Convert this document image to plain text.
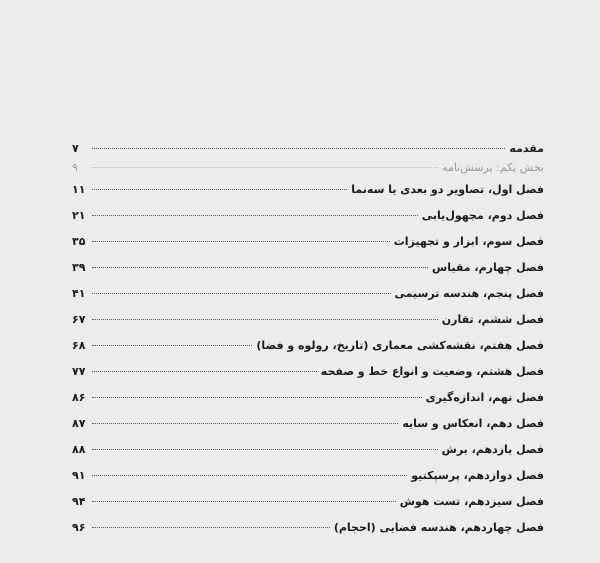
مقدمه
۷
بخش یکم: پرسش‌نامه
۹
فصل اول، تصاویر دو بعدی یا سه‌نما
۱۱
فصل دوم، مجهول‌یابی
۲۱
فصل سوم، ابزار و تجهیزات
۳۵
فصل چهارم، مقیاس
۳۹
فصل پنجم، هندسه ترسیمی
۴۱
فصل ششم، تقارن
۶۷
فصل هفتم، نقشه‌کشی معماری (تاریخ، رولوه و فضا)
۶۸
فصل هشتم، وضعیت و انواع خط و صفحه
۷۷
فصل نهم، اندازه‌گیری
۸۶
فصل دهم، انعکاس و سایه
۸۷
فصل یازدهم، برش
۸۸
فصل دوازدهم، پرسپکتیو
۹۱
فصل سیزدهم، تست هوش
۹۴
فصل چهاردهم، هندسه فضایی (احجام)
۹۶
